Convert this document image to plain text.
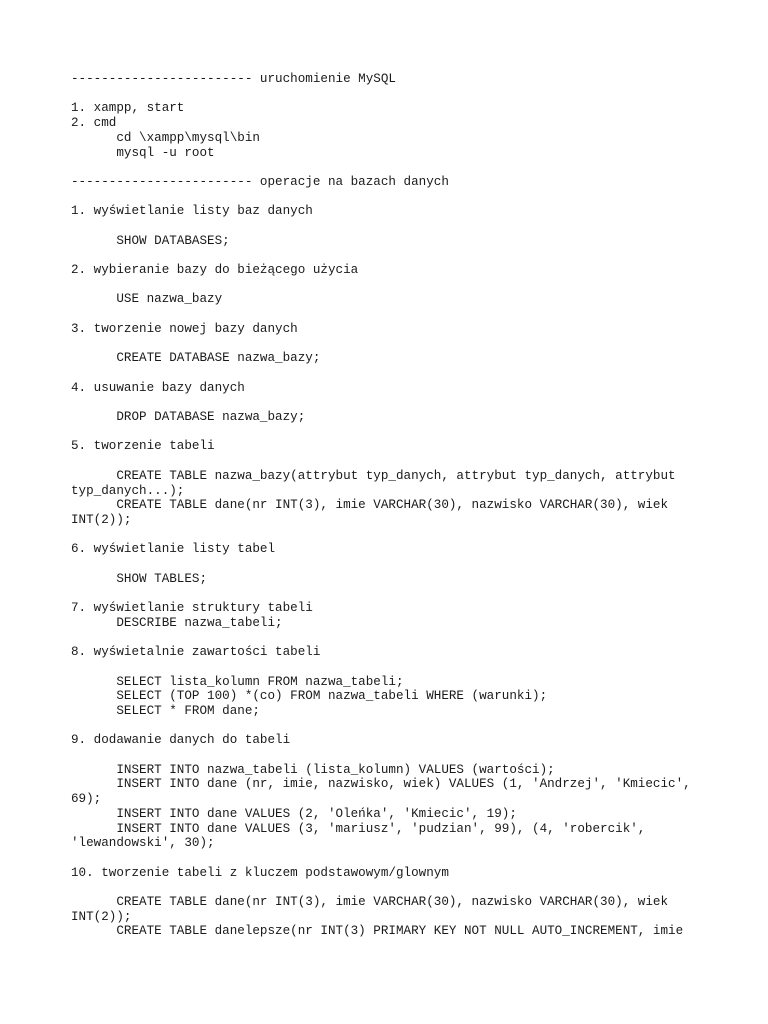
------------------------ uruchomienie MySQL
1. xampp, start
2. cmd
cd \xampp\mysql\bin
mysql -u root
------------------------ operacje na bazach danych
1. wyświetlanie listy baz danych
SHOW DATABASES;
2. wybieranie bazy do bieżącego użycia
USE nazwa_bazy
3. tworzenie nowej bazy danych
CREATE DATABASE nazwa_bazy;
4. usuwanie bazy danych
DROP DATABASE nazwa_bazy;
5. tworzenie tabeli
CREATE TABLE nazwa_bazy(attrybut typ_danych, attrybut typ_danych, attrybut
typ_danych...);
CREATE TABLE dane(nr INT(3), imie VARCHAR(30), nazwisko VARCHAR(30), wiek
INT(2));
6. wyświetlanie listy tabel
SHOW TABLES;
7. wyświetlanie struktury tabeli
DESCRIBE nazwa_tabeli;
8. wyświetalnie zawartości tabeli
SELECT lista_kolumn FROM nazwa_tabeli;
SELECT (TOP 100) *(co) FROM nazwa_tabeli WHERE (warunki);
SELECT * FROM dane;
9. dodawanie danych do tabeli
INSERT INTO nazwa_tabeli (lista_kolumn) VALUES (wartości);
INSERT INTO dane (nr, imie, nazwisko, wiek) VALUES (1, 'Andrzej', 'Kmiecic',
69);
INSERT INTO dane VALUES (2, 'Oleńka', 'Kmiecic', 19);
INSERT INTO dane VALUES (3, 'mariusz', 'pudzian', 99), (4, 'robercik',
'lewandowski', 30);
10. tworzenie tabeli z kluczem podstawowym/glownym
CREATE TABLE dane(nr INT(3), imie VARCHAR(30), nazwisko VARCHAR(30), wiek
INT(2));
CREATE TABLE danelepsze(nr INT(3) PRIMARY KEY NOT NULL AUTO_INCREMENT, imie
